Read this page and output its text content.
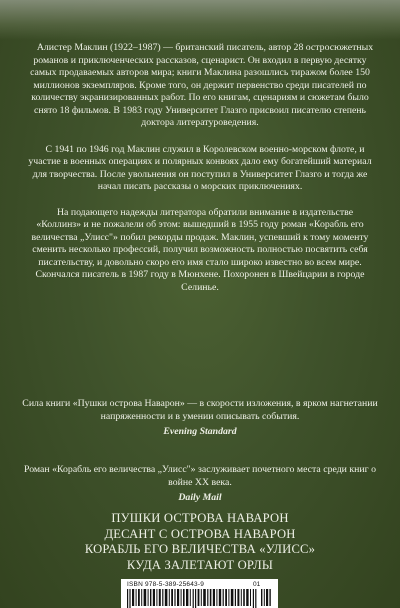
Алистер Маклин (1922–1987) — британский писатель, автор 28 остросюжетных романов и приключенческих рассказов, сценарист. Он входил в первую десятку самых продаваемых авторов мира; книги Маклина разошлись тиражом более 150 миллионов экземпляров. Кроме того, он держит первенство среди писателей по количеству экранизированных работ. По его книгам, сценариям и сюжетам было снято 18 фильмов. В 1983 году Университет Глазго присвоил писателю степень доктора литературоведения.

С 1941 по 1946 год Маклин служил в Королевском военно-морском флоте, и участие в военных операциях и полярных конвоях дало ему богатейший материал для творчества. После увольнения он поступил в Университет Глазго и тогда же начал писать рассказы о морских приключениях.

На подающего надежды литератора обратили внимание в издательстве «Коллинз» и не пожалели об этом: вышедший в 1955 году роман «Корабль его величества „Улисс"» побил рекорды продаж. Маклин, успевший к тому моменту сменить несколько профессий, получил возможность полностью посвятить себя писательству, и довольно скоро его имя стало широко известно во всем мире. Скончался писатель в 1987 году в Мюнхене. Похоронен в Швейцарии в городе Селинье.

Сила книги «Пушки острова Наварон» — в скорости изложения, в ярком нагнетании напряженности и в умении описывать события.
Evening Standard
Роман «Корабль его величества „Улисс"» заслуживает почетного места среди книг о войне XX века.
Daily Mail
ПУШКИ ОСТРОВА НАВАРОН
ДЕСАНТ С ОСТРОВА НАВАРОН
КОРАБЛЬ ЕГО ВЕЛИЧЕСТВА «УЛИСС»
КУДА ЗАЛЕТАЮТ ОРЛЫ
ISBN 978-5-389-25643-9	01
